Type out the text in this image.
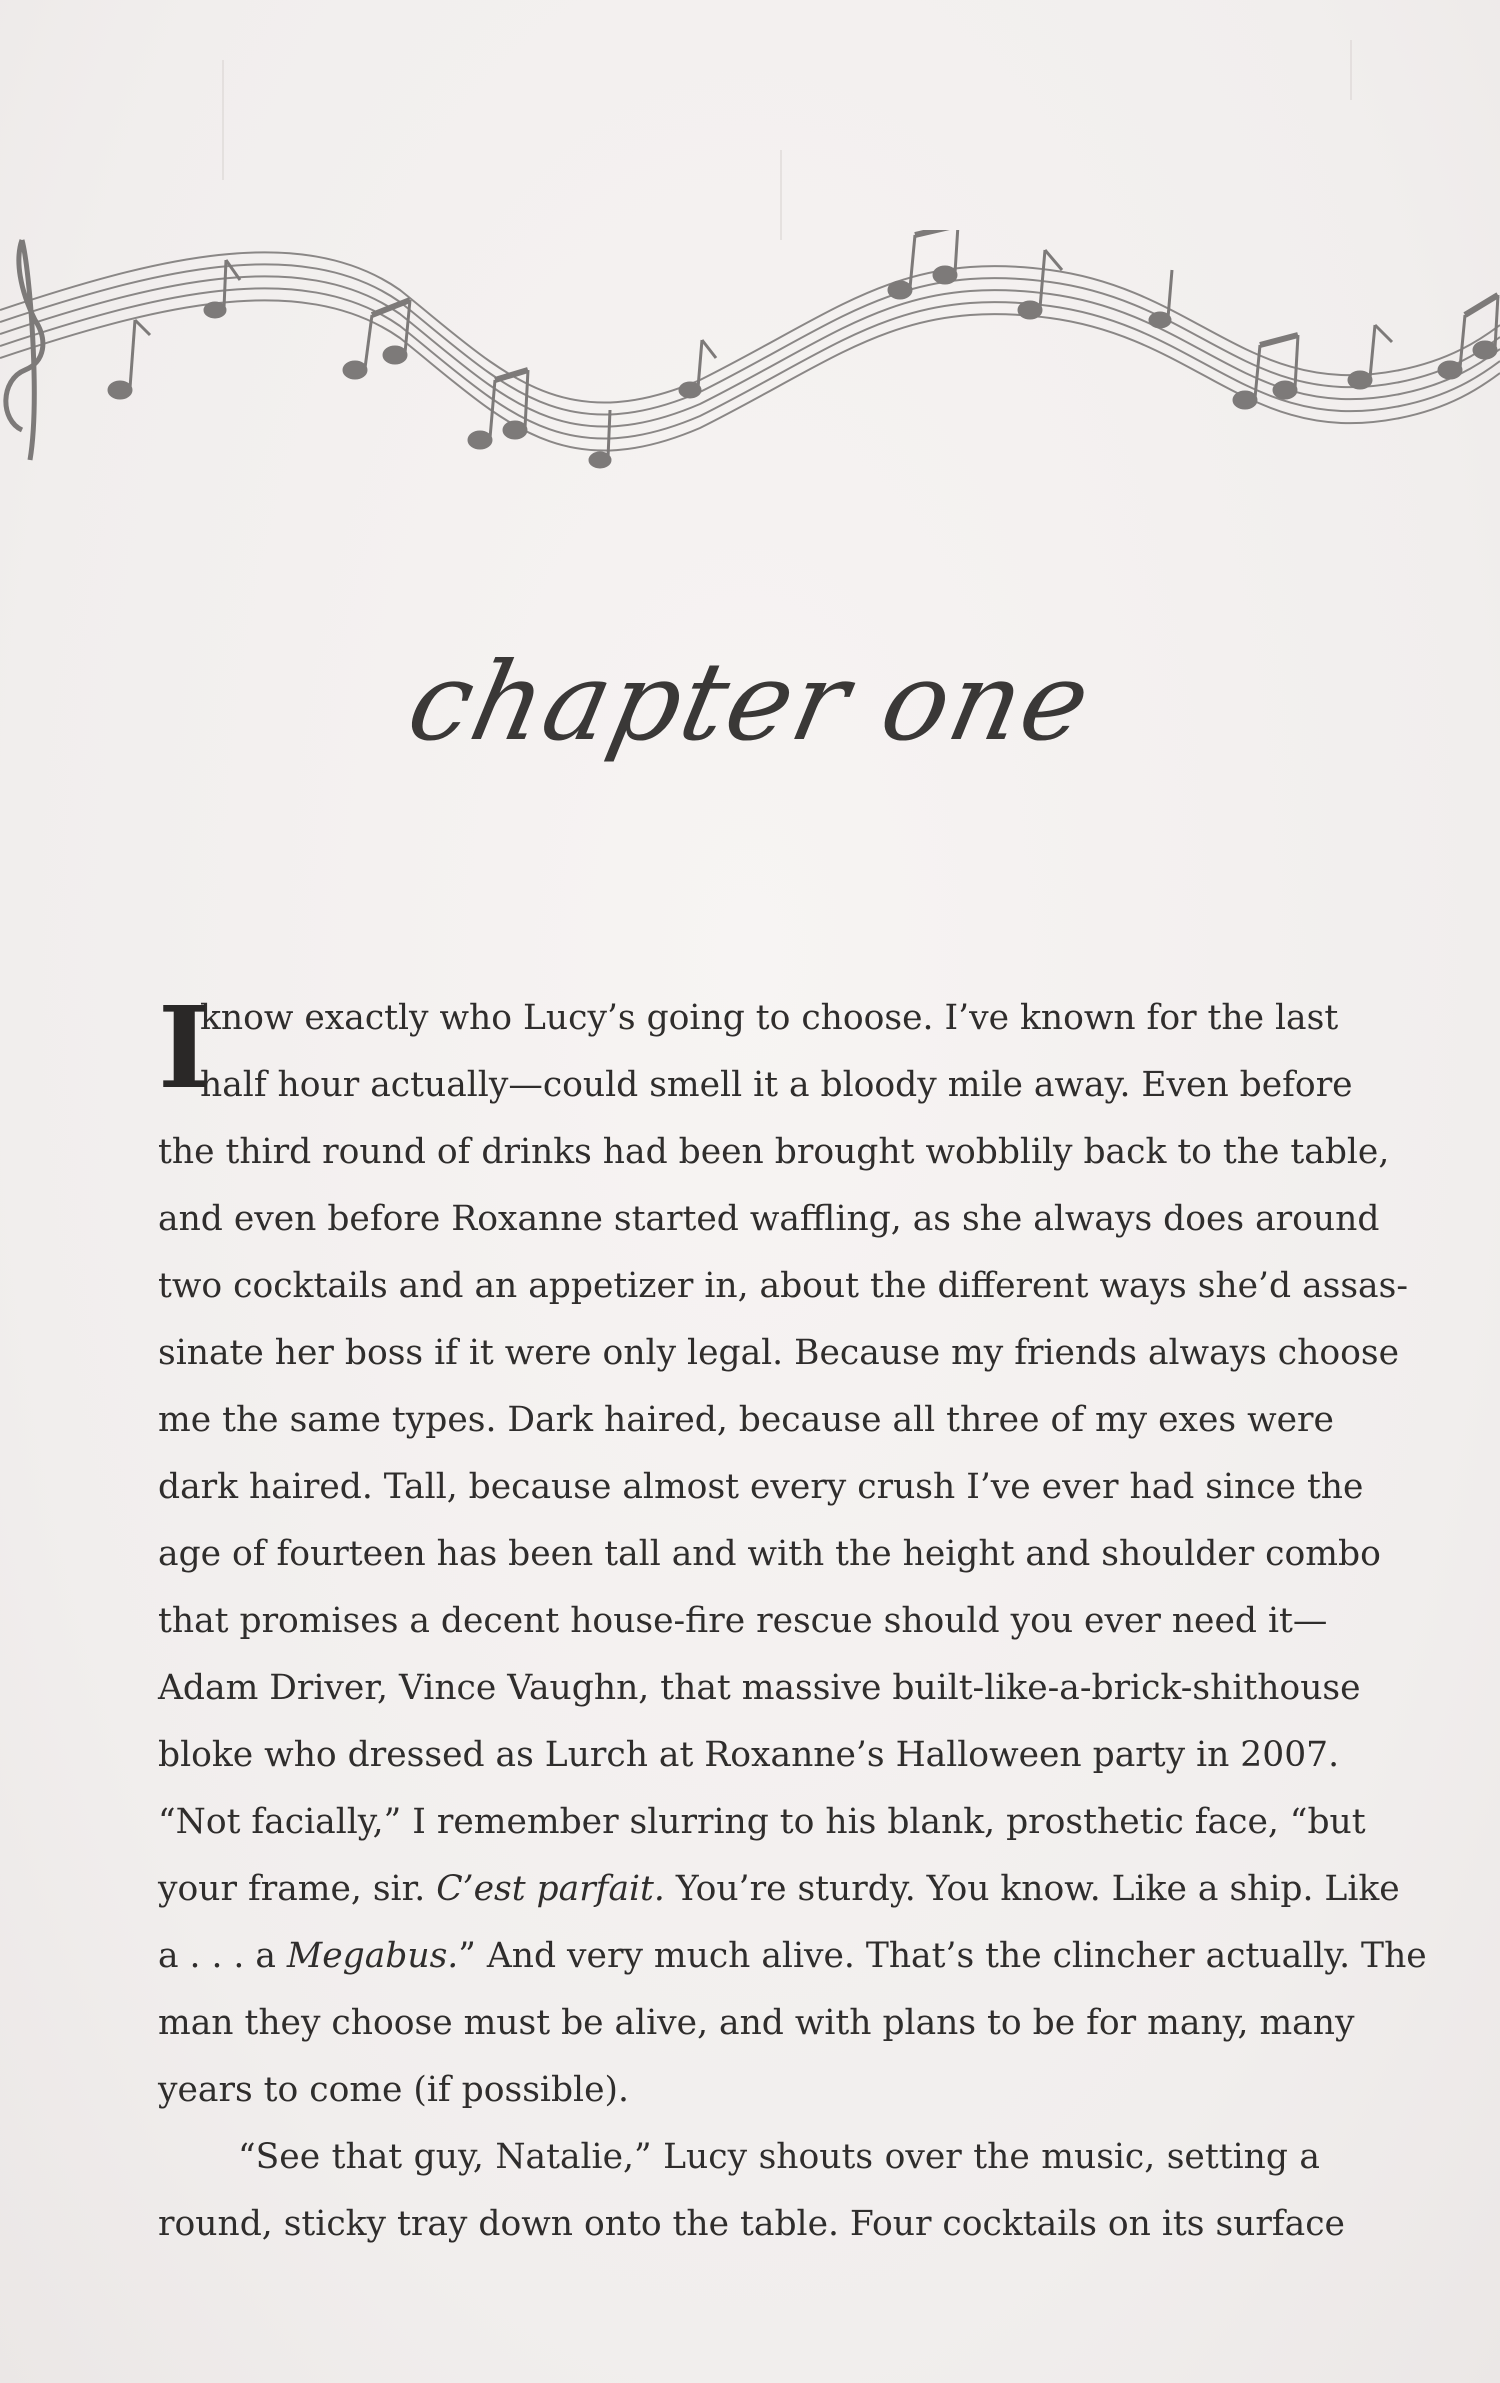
chapter one
I
know exactly who Lucy’s going to choose. I’ve known for the last
half hour actually—could smell it a bloody mile away. Even before
the third round of drinks had been brought wobblily back to the table,
and even before Roxanne started waffling, as she always does around
two cocktails and an appetizer in, about the different ways she’d assas-
sinate her boss if it were only legal. Because my friends always choose
me the same types. Dark haired, because all three of my exes were
dark haired. Tall, because almost every crush I’ve ever had since the
age of fourteen has been tall and with the height and shoulder combo
that promises a decent house-fire rescue should you ever need it—
Adam Driver, Vince Vaughn, that massive built-like-a-brick-shithouse
bloke who dressed as Lurch at Roxanne’s Halloween party in 2007.
“Not facially,” I remember slurring to his blank, prosthetic face, “but
your frame, sir. C’est parfait. You’re sturdy. You know. Like a ship. Like
a . . . a Megabus.” And very much alive. That’s the clincher actually. The
man they choose must be alive, and with plans to be for many, many
years to come (if possible).
“See that guy, Natalie,” Lucy shouts over the music, setting a
round, sticky tray down onto the table. Four cocktails on its surface
